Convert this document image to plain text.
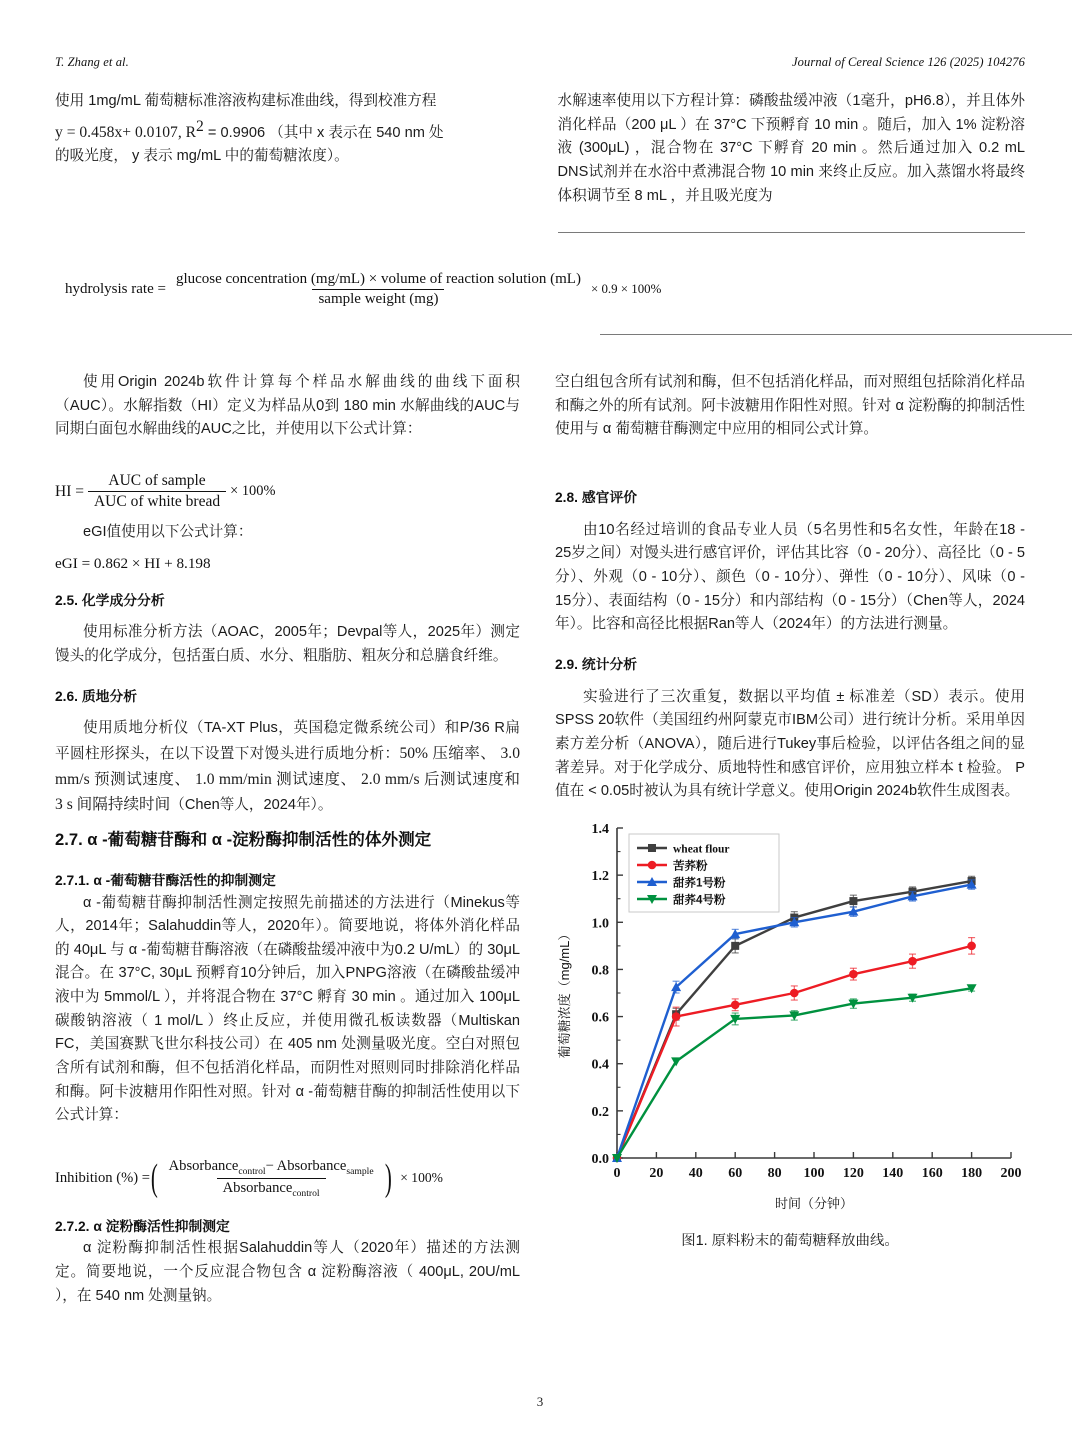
T. Zhang et al.	Journal of Cereal Science 126 (2025) 104276

使用 1mg/mL 葡萄糖标准溶液构建标准曲线，得到校准方程
y = 0.458x+ 0.0107, $R^2 = 0.9906$ （其中 x 表示在 540 nm 处
的吸光度， y 表示 mg/mL 中的葡萄糖浓度）。

水解速率使用以下方程计算：磷酸盐缓冲液（1毫升，pH6.8），并且体外消化样品（200 μL ）在 37°C 下预孵育 10 min 。随后，加入 1% 淀粉溶液 (300μL) ，混合物在 37°C 下孵育 20 min 。然后通过加入 0.2 mL DNS试剂并在水浴中煮沸混合物 10 min 来终止反应。加入蒸馏水将最终体积调节至 8 mL ，并且吸光度为

hydrolysis rate =
glucose concentration (mg/mL) × volume of reaction solution (mL)
sample weight (mg)
× 0.9 × 100%

使用Origin 2024b软件计算每个样品水解曲线的曲线下面积（AUC）。水解指数（HI）定义为样品从0到 180 min 水解曲线的AUC与同期白面包水解曲线的AUC之比，并使用以下公式计算：

HI = $\frac{\text{AUC of sample}}{\text{AUC of white bread}} \times 100\%$

eGI值使用以下公式计算：

eGI = 0.862 × HI + 8.198
2.5. 化学成分分析

使用标准分析方法（AOAC，2005年；Devpal等人，2025年）测定馒头的化学成分，包括蛋白质、水分、粗脂肪、粗灰分和总膳食纤维。

2.6. 质地分析

使用质地分析仪（TA-XT Plus，英国稳定微系统公司）和P/36 R扁平圆柱形探头，在以下设置下对馒头进行质地分析：50% 压缩率、 3.0 mm/s 预测试速度、 1.0 mm/min 测试速度、 2.0 mm/s 后测试速度和 3 s 间隔持续时间（Chen等人，2024年）。

2.7. α -葡萄糖苷酶和 α -淀粉酶抑制活性的体外测定
2.7.1. α -葡萄糖苷酶活性的抑制测定

α -葡萄糖苷酶抑制活性测定按照先前描述的方法进行（Minekus等人，2014年；Salahuddin等人，2020年）。简要地说，将体外消化样品的 40μL 与 α -葡萄糖苷酶溶液（在磷酸盐缓冲液中为0.2 U/mL）的 30μL 混合。在 37°C, 30μL 预孵育10分钟后，加入PNPG溶液（在磷酸盐缓冲液中为 5mmol/L ），并将混合物在 37°C 孵育 30 min 。通过加入 100μL 碳酸钠溶液（ 1 mol/L ）终止反应，并使用微孔板读数器（Multiskan FC，美国赛默飞世尔科技公司）在 405 nm 处测量吸光度。空白对照包含所有试剂和酶，但不包括消化样品，而阴性对照则同时排除消化样品和酶。阿卡波糖用作阳性对照。针对 α -葡萄糖苷酶的抑制活性使用以下公式计算：

Inhibition (%) = ( $\frac{Absorbance_{control}- Absorbance_{sample}}{Absorbance_{control}}$ ) × 100%
2.7.2. α 淀粉酶活性抑制测定

α 淀粉酶抑制活性根据Salahuddin等人（2020年）描述的方法测定。简要地说，一个反应混合物包含 α 淀粉酶溶液（ 400μL, 20U/mL ），在 540 nm 处测量钠。

空白组包含所有试剂和酶，但不包括消化样品，而对照组包括除消化样品和酶之外的所有试剂。阿卡波糖用作阳性对照。针对 α 淀粉酶的抑制活性使用与 α 葡萄糖苷酶测定中应用的相同公式计算。

2.8. 感官评价

由10名经过培训的食品专业人员（5名男性和5名女性，年龄在18 - 25岁之间）对馒头进行感官评价，评估其比容（0 - 20分）、高径比（0 - 5分）、外观（0 - 10分）、颜色（0 - 10分）、弹性（0 - 10分）、风味（0 - 15分）、表面结构（0 - 15分）和内部结构（0 - 15分）（Chen等人，2024年）。比容和高径比根据Ran等人（2024年）的方法进行测量。

2.9. 统计分析

实验进行了三次重复，数据以平均值 ± 标准差（SD）表示。使用SPSS 20软件（美国纽约州阿蒙克市IBM公司）进行统计分析。采用单因素方差分析（ANOVA），随后进行Tukey事后检验，以评估各组之间的显著差异。对于化学成分、质地特性和感官评价，应用独立样本 t 检验。 P 值在 < 0.05时被认为具有统计学意义。使用Origin 2024b软件生成图表。

0 20 40 60 80 100 120 140 160 180 200
0.0
0.2
0.4
0.6
0.8
1.0
1.2
1.4
时间（分钟）
葡萄糖浓度（mg/mL）
wheat flour
苦荞粉
甜荞1号粉
甜荞4号粉
图1. 原料粉末的葡萄糖释放曲线。
3
